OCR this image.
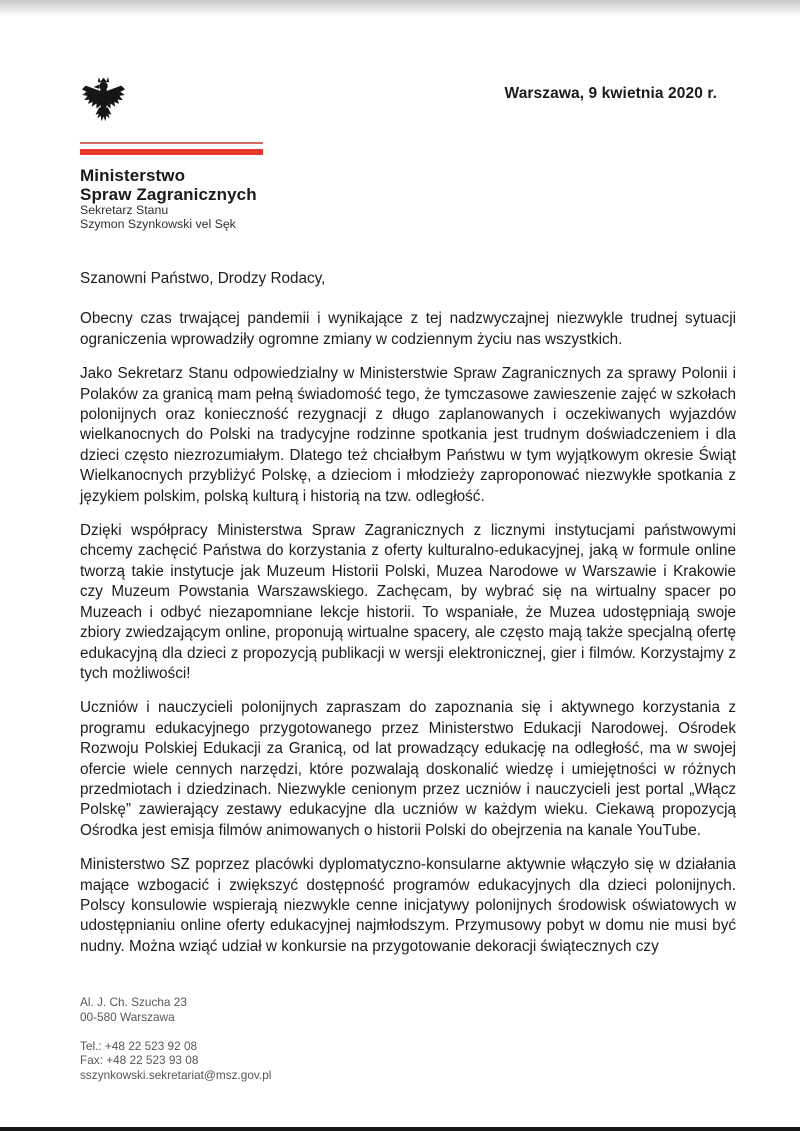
Warszawa, 9 kwietnia 2020 r.
Ministerstwo
Spraw Zagranicznych
Sekretarz Stanu
Szymon Szynkowski vel Sęk

Szanowni Państwo, Drodzy Rodacy,

Obecny czas trwającej pandemii i wynikające z tej nadzwyczajnej niezwykle trudnej sytuacji ograniczenia wprowadziły ogromne zmiany w codziennym życiu nas wszystkich.

Jako Sekretarz Stanu odpowiedzialny w Ministerstwie Spraw Zagranicznych za sprawy Polonii i Polaków za granicą mam pełną świadomość tego, że tymczasowe zawieszenie zajęć w szkołach polonijnych oraz konieczność rezygnacji z długo zaplanowanych i oczekiwanych wyjazdów wielkanocnych do Polski na tradycyjne rodzinne spotkania jest trudnym doświadczeniem i dla dzieci często niezrozumiałym. Dlatego też chciałbym Państwu w tym wyjątkowym okresie Świąt Wielkanocnych przybliżyć Polskę, a dzieciom i młodzieży zaproponować niezwykłe spotkania z językiem polskim, polską kulturą i historią na tzw. odległość.

Dzięki współpracy Ministerstwa Spraw Zagranicznych z licznymi instytucjami państwowymi chcemy zachęcić Państwa do korzystania z oferty kulturalno-edukacyjnej, jaką w formule online tworzą takie instytucje jak Muzeum Historii Polski, Muzea Narodowe w Warszawie i Krakowie czy Muzeum Powstania Warszawskiego. Zachęcam, by wybrać się na wirtualny spacer po Muzeach i odbyć niezapomniane lekcje historii. To wspaniałe, że Muzea udostępniają swoje zbiory zwiedzającym online, proponują wirtualne spacery, ale często mają także specjalną ofertę edukacyjną dla dzieci z propozycją publikacji w wersji elektronicznej, gier i filmów. Korzystajmy z tych możliwości!

Uczniów i nauczycieli polonijnych zapraszam do zapoznania się i aktywnego korzystania z programu edukacyjnego przygotowanego przez Ministerstwo Edukacji Narodowej. Ośrodek Rozwoju Polskiej Edukacji za Granicą, od lat prowadzący edukację na odległość, ma w swojej ofercie wiele cennych narzędzi, które pozwalają doskonalić wiedzę i umiejętności w różnych przedmiotach i dziedzinach. Niezwykle cenionym przez uczniów i nauczycieli jest portal „Włącz Polskę” zawierający zestawy edukacyjne dla uczniów w każdym wieku. Ciekawą propozycją Ośrodka jest emisja filmów animowanych o historii Polski do obejrzenia na kanale YouTube.

Ministerstwo SZ poprzez placówki dyplomatyczno-konsularne aktywnie włączyło się w działania mające wzbogacić i zwiększyć dostępność programów edukacyjnych dla dzieci polonijnych. Polscy konsulowie wspierają niezwykle cenne inicjatywy polonijnych środowisk oświatowych w udostępnianiu online oferty edukacyjnej najmłodszym. Przymusowy pobyt w domu nie musi być nudny. Można wziąć udział w konkursie na przygotowanie dekoracji świątecznych czy

Al. J. Ch. Szucha 23
00-580 Warszawa
Tel.: +48 22 523 92 08
Fax: +48 22 523 93 08
sszynkowski.sekretariat@msz.gov.pl
